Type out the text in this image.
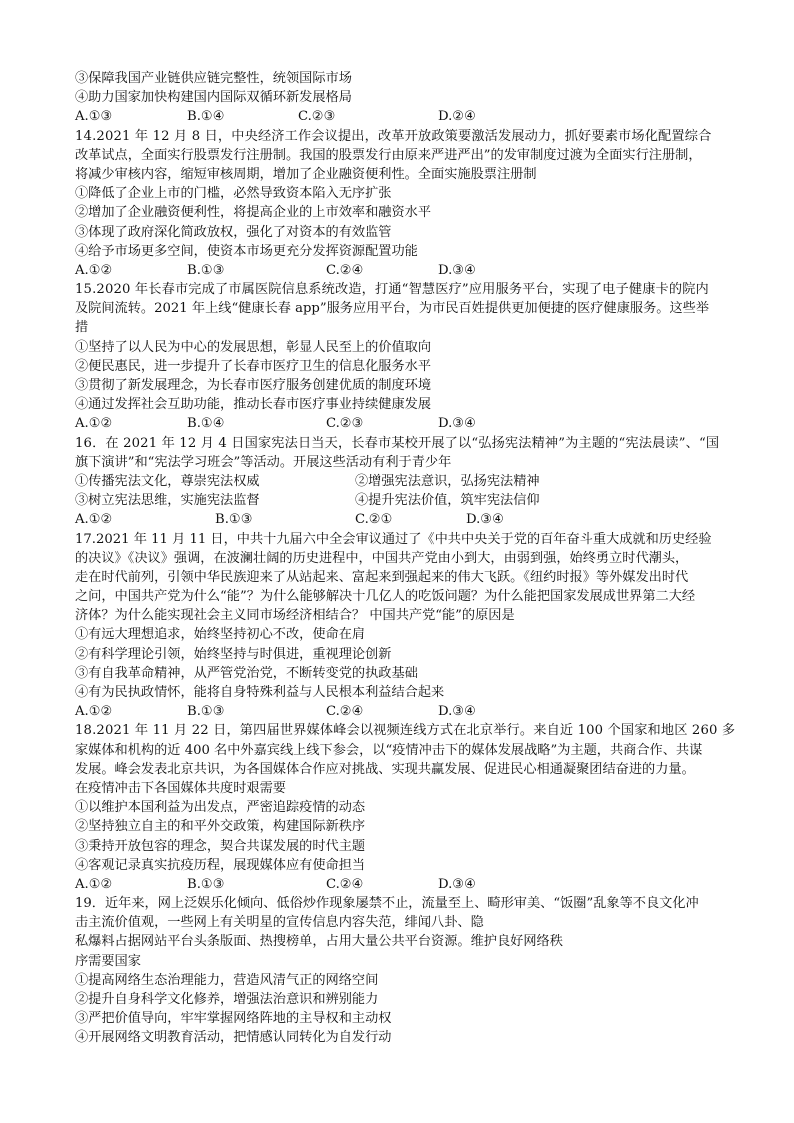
③保障我国产业链供应链完整性，统领国际市场
④助力国家加快构建国内国际双循环新发展格局
A.①③	B.①④	C.②③	D.②④
14.2021 年 12 月 8 日，中央经济工作会议提出，改革开放政策要激活发展动力，抓好要素市场化配置综合
改革试点，全面实行股票发行注册制。我国的股票发行由原来严进严出”的发审制度过渡为全面实行注册制，
将减少审核内容，缩短审核周期，增加了企业融资便利性。全面实施股票注册制
①降低了企业上市的门槛，必然导致资本陷入无序扩张
②增加了企业融资便利性，将提高企业的上市效率和融资水平
③体现了政府深化简政放权，强化了对资本的有效监管
④给予市场更多空间，使资本市场更充分发挥资源配置功能
A.①②	B.①③	C.②④	D.③④
15.2020 年长春市完成了市属医院信息系统改造，打通“智慧医疗”应用服务平台，实现了电子健康卡的院内
及院间流转。2021 年上线“健康长春 app”服务应用平台，为市民百姓提供更加便捷的医疗健康服务。这些举
措
①坚持了以人民为中心的发展思想，彰显人民至上的价值取向
②便民惠民，进一步提升了长春市医疗卫生的信息化服务水平
③贯彻了新发展理念，为长春市医疗服务创建优质的制度环境
④通过发挥社会互助功能，推动长春市医疗事业持续健康发展
A.①②	B.①④	C.②③	D.③④
16．在 2021 年 12 月 4 日国家宪法日当天，长春市某校开展了以“弘扬宪法精神”为主题的“宪法晨读”、“国
旗下演讲”和“宪法学习班会”等活动。开展这些活动有利于青少年
①传播宪法文化，尊崇宪法权威	②增强宪法意识，弘扬宪法精神
③树立宪法思维，实施宪法监督	④提升宪法价值，筑牢宪法信仰
A.①②	B.①③	C.②①	D.③④
17.2021 年 11 月 11 日，中共十九届六中全会审议通过了《中共中央关于党的百年奋斗重大成就和历史经验
的决议》《决议》强调，在波澜壮阔的历史进程中，中国共产党由小到大，由弱到强，始终勇立时代潮头，
走在时代前列，引领中华民族迎来了从站起来、富起来到强起来的伟大飞跃。《纽约时报》等外媒发出时代
之问，中国共产党为什么“能”？为什么能够解决十几亿人的吃饭问题？为什么能把国家发展成世界第二大经
济体？为什么能实现社会主义同市场经济相结合？ 中国共产党“能”的原因是
①有远大理想追求，始终坚持初心不改，使命在肩
②有科学理论引领，始终坚持与时俱进，重视理论创新
③有自我革命精神，从严管党治党，不断转变党的执政基础
④有为民执政情怀，能将自身特殊利益与人民根本利益结合起来
A.①②	B.①③	C.②④	D.③④
18.2021 年 11 月 22 日，第四届世界媒体峰会以视频连线方式在北京举行。来自近 100 个国家和地区 260 多
家媒体和机构的近 400 名中外嘉宾线上线下参会，以“疫情冲击下的媒体发展战略”为主题，共商合作、共谋
发展。峰会发表北京共识，为各国媒体合作应对挑战、实现共赢发展、促进民心相通凝聚团结奋进的力量。
在疫情冲击下各国媒体共度时艰需要
①以维护本国利益为出发点，严密追踪疫情的动态
②坚持独立自主的和平外交政策，构建国际新秩序
③秉持开放包容的理念，契合共谋发展的时代主题
④客观记录真实抗疫历程，展现媒体应有使命担当
A.①②	B.①③	C.②④	D.③④
19．近年来，网上泛娱乐化倾向、低俗炒作现象屡禁不止，流量至上、畸形审美、“饭圈”乱象等不良文化冲
击主流价值观，一些网上有关明星的宣传信息内容失范，绯闻八卦、隐
私爆料占据网站平台头条版面、热搜榜单，占用大量公共平台资源。维护良好网络秩
序需要国家
①提高网络生态治理能力，营造风清气正的网络空间
②提升自身科学文化修养，增强法治意识和辨别能力
③严把价值导向，牢牢掌握网络阵地的主导权和主动权
④开展网络文明教育活动，把情感认同转化为自发行动
